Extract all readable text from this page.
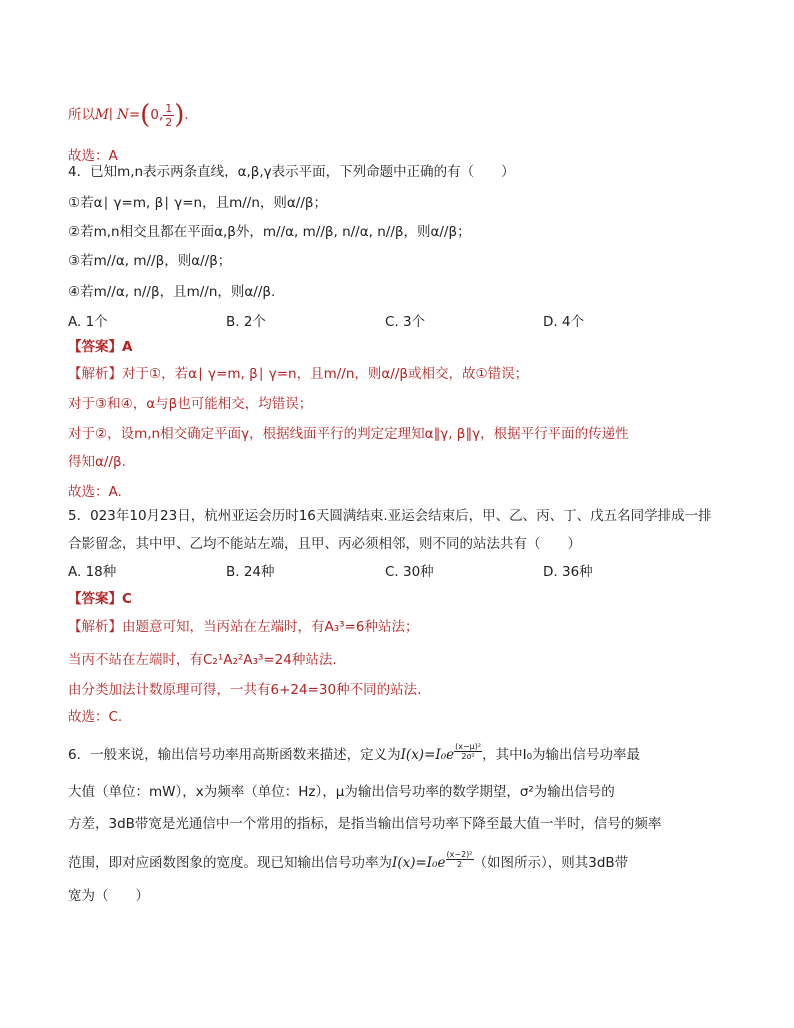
所以M∣ N=(0, $\frac{1}{2}$ ).
故选：A
4．已知m,n表示两条直线，α,β,γ表示平面，下列命题中正确的有（　　）
①若α∣ γ=m, β∣ γ=n，且m//n，则α//β；
②若m,n相交且都在平面α,β外，m//α, m//β, n//α, n//β，则α//β；
③若m//α, m//β，则α//β；
④若m//α, n//β，且m//n，则α//β.
A. 1个	B. 2个	C. 3个	D. 4个
【答案】A
【解析】对于①，若α∣ γ=m, β∣ γ=n，且m//n，则α//β或相交，故①错误；
对于③和④，α与β也可能相交，均错误；
对于②，设m,n相交确定平面γ，根据线面平行的判定定理知α∥γ, β∥γ，根据平行平面的传递性
得知α//β.
故选：A.
5．023年10月23日，杭州亚运会历时16天圆满结束.亚运会结束后，甲、乙、丙、丁、戊五名同学排成一排
合影留念，其中甲、乙均不能站左端，且甲、丙必须相邻，则不同的站法共有（　　）
A. 18种	B. 24种	C. 30种	D. 36种
【答案】C
【解析】由题意可知，当丙站在左端时，有A₃³=6种站法；
当丙不站在左端时，有C₂¹A₂²A₃³=24种站法.
由分类加法计数原理可得，一共有6+24=30种不同的站法.
故选：C.
6．一般来说，输出信号功率用高斯函数来描述，定义为$I(x)=I_0e \frac{\text{(x−μ)²}}{\text{2σ²}}$ ，其中I₀为输出信号功率最
大值（单位：mW），x为频率（单位：Hz），μ为输出信号功率的数学期望，σ²为输出信号的
方差，3dB带宽是光通信中一个常用的指标，是指当输出信号功率下降至最大值一半时，信号的频率
范围，即对应函数图象的宽度。现已知输出信号功率为$I(x)=I_0e \frac{\text{(x−2)²}}{2}$ （如图所示），则其3dB带
宽为（　　）
